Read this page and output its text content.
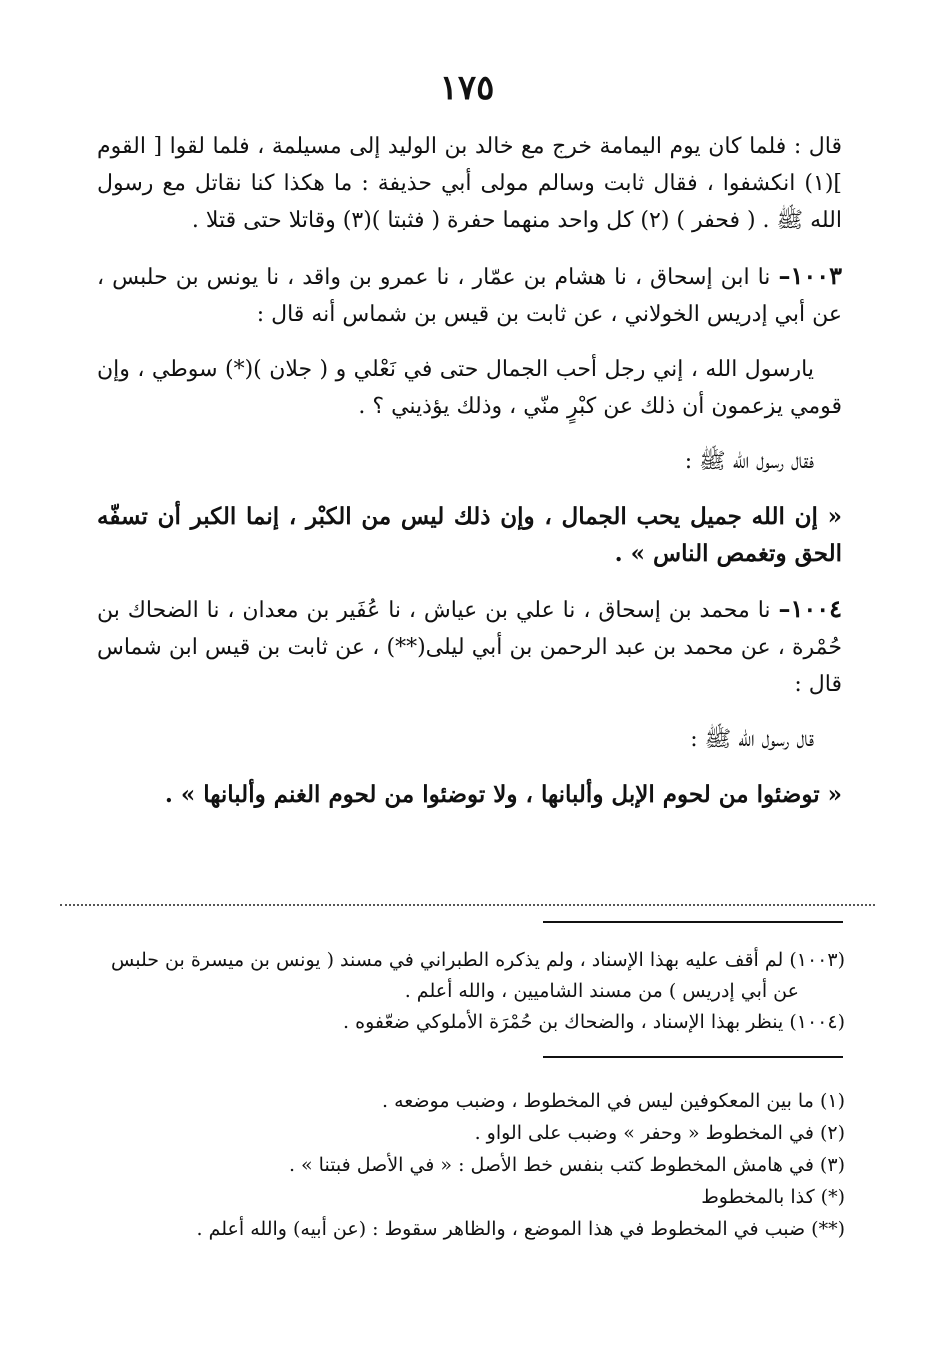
١٧٥

قال : فلما كان يوم اليمامة خرج مع خالد بن الوليد إلى مسيلمة ، فلما لقوا [ القوم ](١) انكشفوا ، فقال ثابت وسالم مولى أبي حذيفة : ما هكذا كنا نقاتل مع رسول الله ﷺ . ( فحفر ) (٢) كل واحد منهما حفرة ( فثبتا )(٣) وقاتلا حتى قتلا .

١٠٠٣– نا ابن إسحاق ، نا هشام بن عمّار ، نا عمرو بن واقد ، نا يونس بن حلبس ، عن أبي إدريس الخولاني ، عن ثابت بن قيس بن شماس أنه قال :

يارسول الله ، إني رجل أحب الجمال حتى في نَعْلي و ( جلان )(*) سوطي ، وإن قومي يزعمون أن ذلك عن كبْرٍ منّي ، وذلك يؤذيني ؟ .

فقال رسول الله ﷺ :

« إن الله جميل يحب الجمال ، وإن ذلك ليس من الكبْر ، إنما الكبر أن تسفّه الحق وتغمص الناس » .

١٠٠٤– نا محمد بن إسحاق ، نا علي بن عياش ، نا عُفَير بن معدان ، نا الضحاك بن حُمْرة ، عن محمد بن عبد الرحمن بن أبي ليلى(**) ، عن ثابت بن قيس ابن شماس قال :

قال رسول الله ﷺ :

« توضئوا من لحوم الإبل وألبانها ، ولا توضئوا من لحوم الغنم وألبانها » .

(١٠٠٣) لم أقف عليه بهذا الإسناد ، ولم يذكره الطبراني في مسند ( يونس بن ميسرة بن حلبس

عن أبي إدريس ) من مسند الشاميين ، والله أعلم .

(١٠٠٤) ينظر بهذا الإسناد ، والضحاك بن حُمْرَة الأملوكي ضعّفوه .

(١) ما بين المعكوفين ليس في المخطوط ، وضبب موضعه .

(٢) في المخطوط « وحفر » وضبب على الواو .

(٣) في هامش المخطوط كتب بنفس خط الأصل : « في الأصل فبتنا » .

(*) كذا بالمخطوط

(**) ضبب في المخطوط في هذا الموضع ، والظاهر سقوط : (عن أبيه) والله أعلم .
